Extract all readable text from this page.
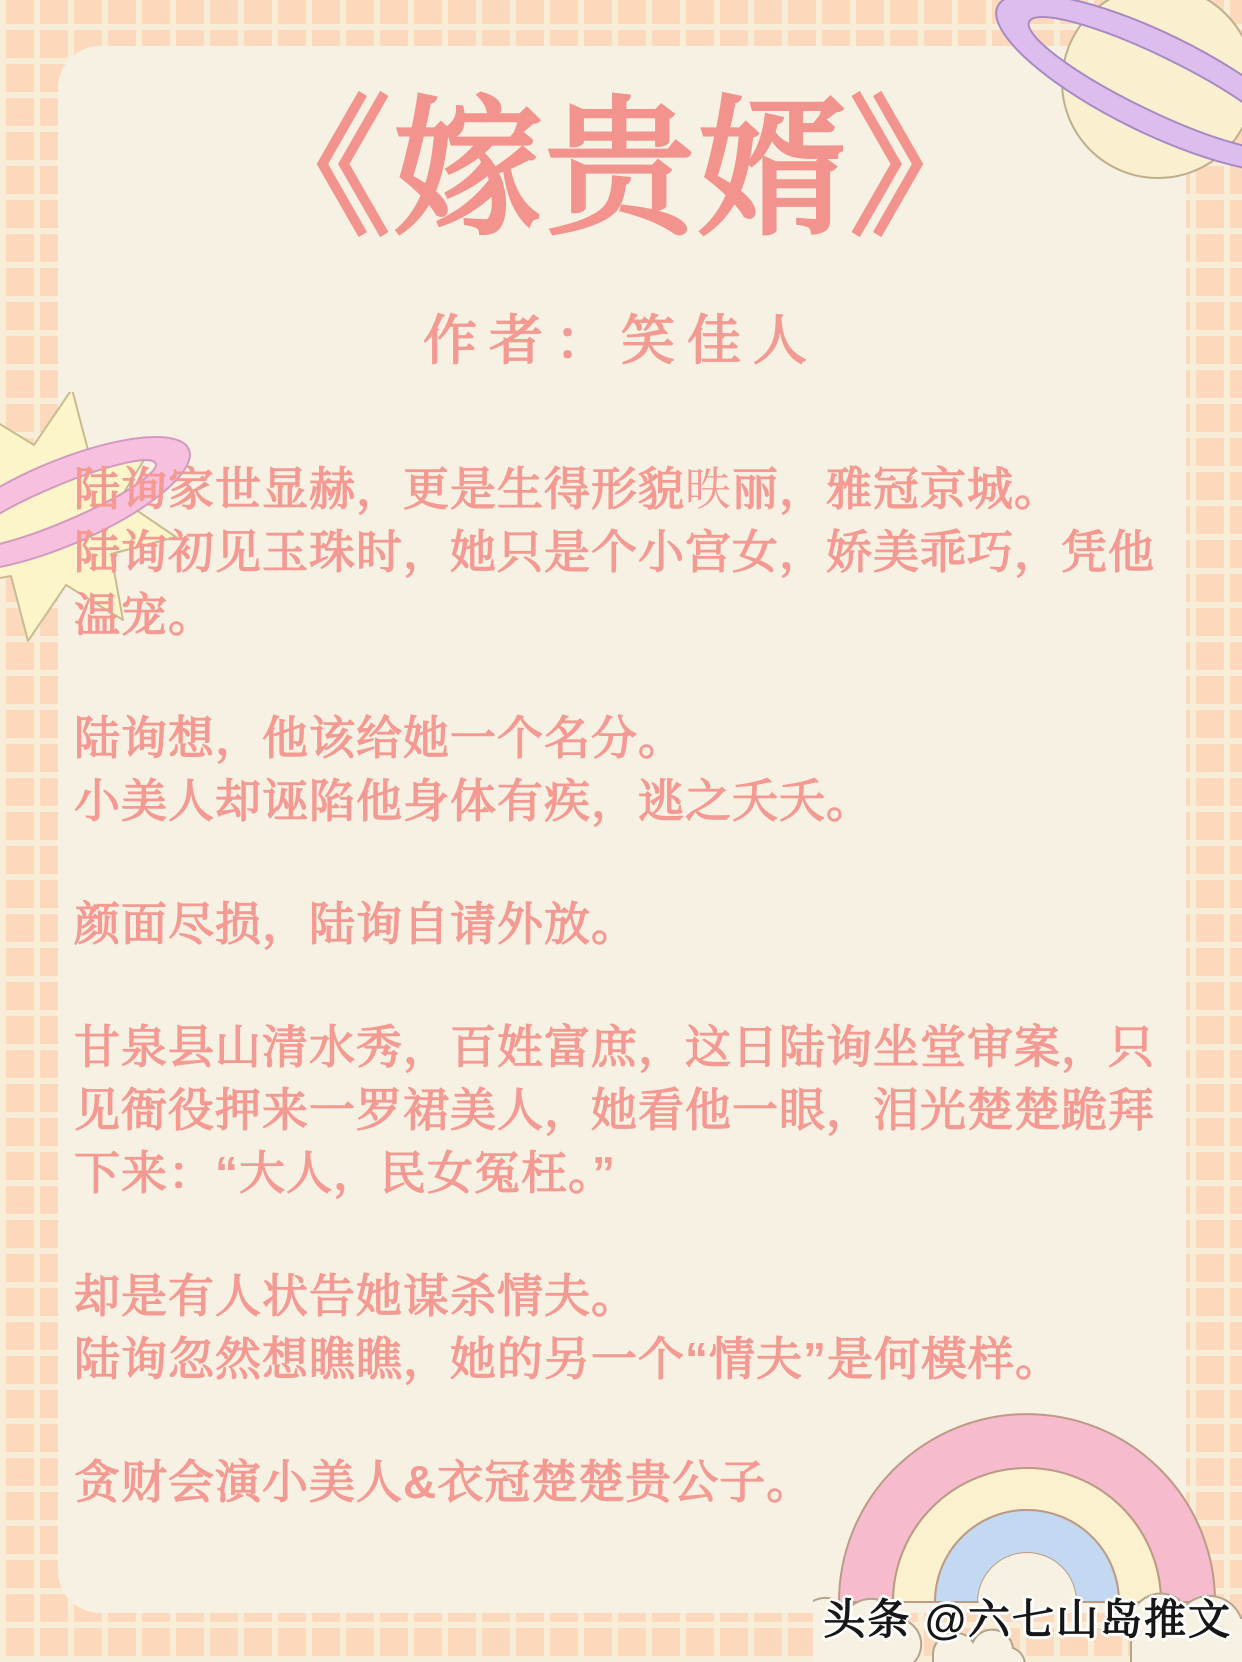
《嫁贵婿》
作者：笑佳人
陆询家世显赫，更是生得形貌昳丽，雅冠京城。
陆询初见玉珠时，她只是个小宫女，娇美乖巧，凭他
温宠。
陆询想，他该给她一个名分。
小美人却诬陷他身体有疾，逃之夭夭。
颜面尽损，陆询自请外放。
甘泉县山清水秀，百姓富庶，这日陆询坐堂审案，只
见衙役押来一罗裙美人，她看他一眼，泪光楚楚跪拜
下来：“大人，民女冤枉。”
却是有人状告她谋杀情夫。
陆询忽然想瞧瞧，她的另一个“情夫”是何模样。
贪财会演小美人&衣冠楚楚贵公子。
头条 @六七山岛推文
